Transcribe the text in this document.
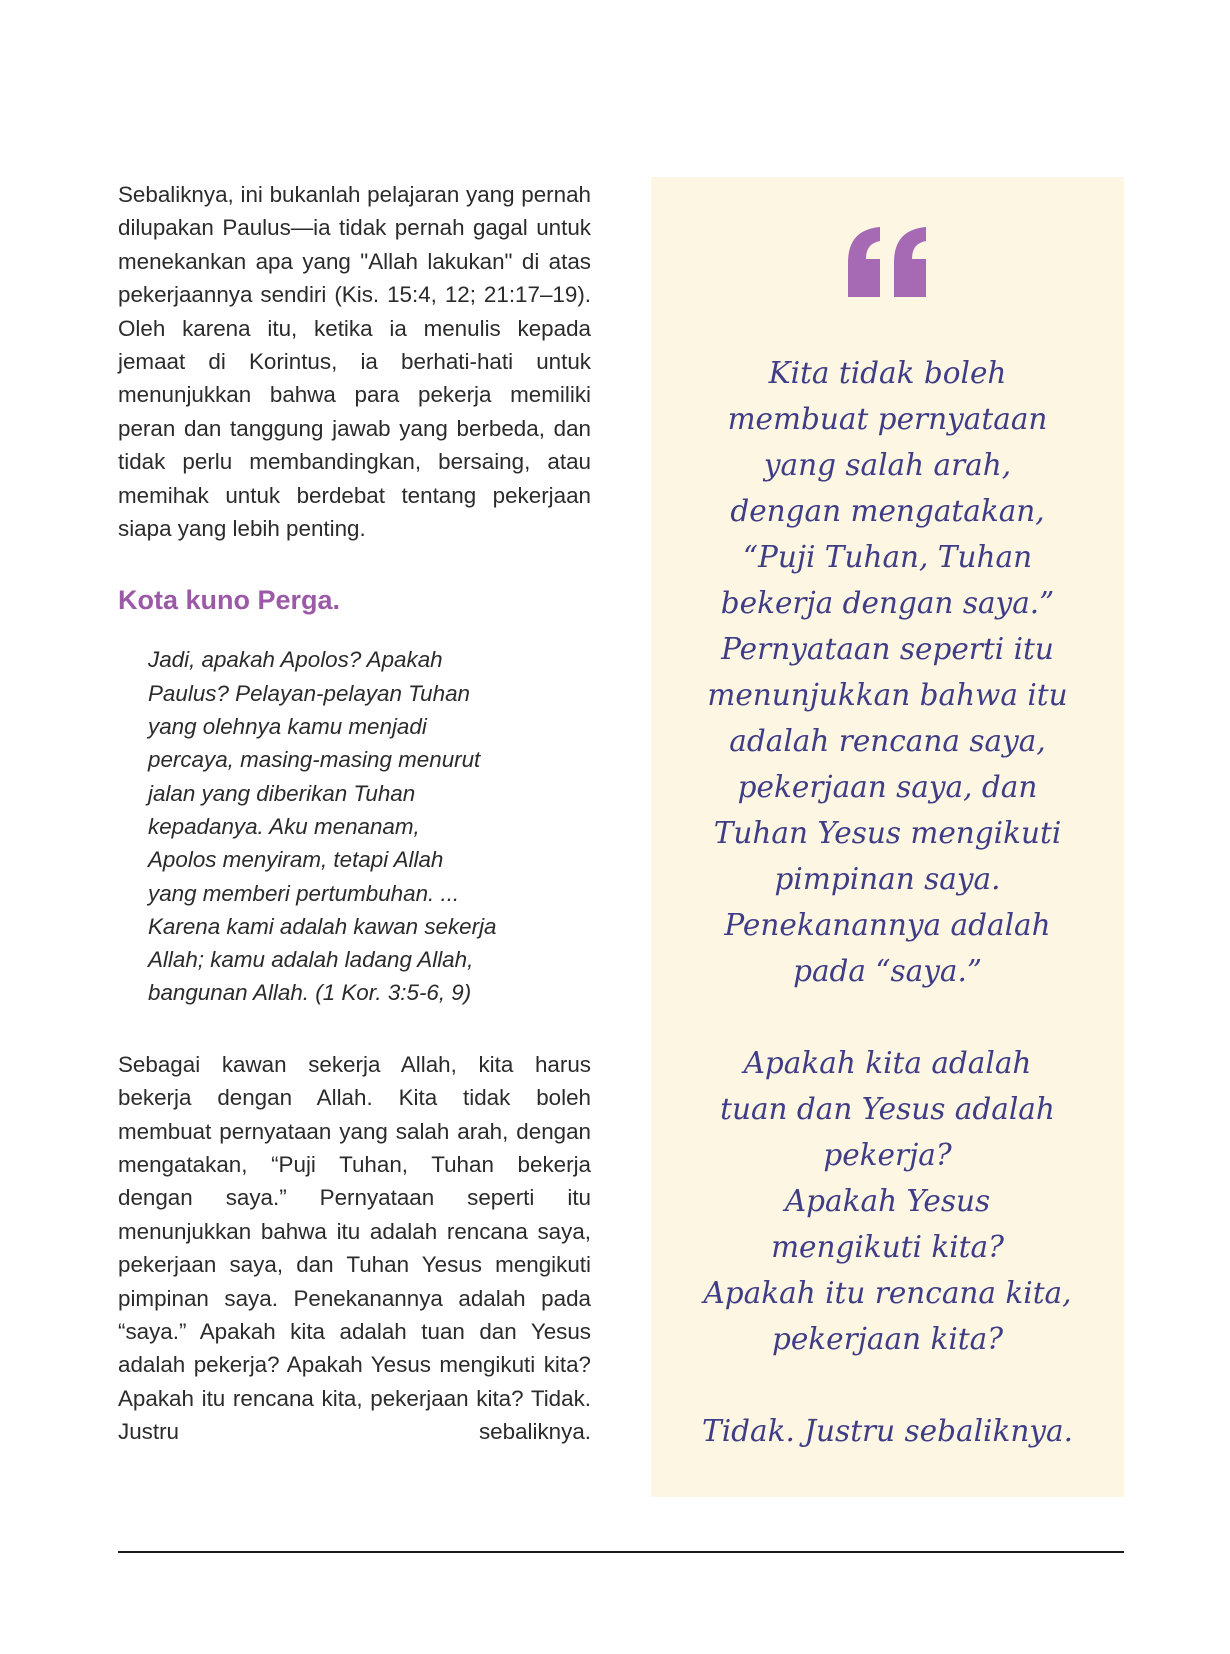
Sebaliknya, ini bukanlah pelajaran yang pernah dilupakan Paulus—ia tidak pernah gagal untuk menekankan apa yang "Allah lakukan" di atas pekerjaannya sendiri (Kis. 15:4, 12; 21:17–19). Oleh karena itu, ketika ia menulis kepada jemaat di Korintus, ia berhati-hati untuk menunjukkan bahwa para pekerja memiliki peran dan tanggung jawab yang berbeda, dan tidak perlu membandingkan, bersaing, atau memihak untuk berdebat tentang pekerjaan siapa yang lebih penting.

Kota kuno Perga.

Jadi, apakah Apolos? Apakah
Paulus? Pelayan-pelayan Tuhan
yang olehnya kamu menjadi
percaya, masing-masing menurut
jalan yang diberikan Tuhan
kepadanya. Aku menanam,
Apolos menyiram, tetapi Allah
yang memberi pertumbuhan. ...
Karena kami adalah kawan sekerja
Allah; kamu adalah ladang Allah,
bangunan Allah. (1 Kor. 3:5-6, 9)

Sebagai kawan sekerja Allah, kita harus bekerja dengan Allah. Kita tidak boleh membuat pernyataan yang salah arah, dengan mengatakan, “Puji Tuhan, Tuhan bekerja dengan saya.” Pernyataan seperti itu menunjukkan bahwa itu adalah rencana saya, pekerjaan saya, dan Tuhan Yesus mengikuti pimpinan saya. Penekanannya adalah pada “saya.” Apakah kita adalah tuan dan Yesus adalah pekerja? Apakah Yesus mengikuti kita? Apakah itu rencana kita, pekerjaan kita? Tidak. Justru sebaliknya.

Kita tidak boleh
membuat pernyataan
yang salah arah,
dengan mengatakan,
“Puji Tuhan, Tuhan
bekerja dengan saya.”
Pernyataan seperti itu
menunjukkan bahwa itu
adalah rencana saya,
pekerjaan saya, dan
Tuhan Yesus mengikuti
pimpinan saya.
Penekanannya adalah
pada “saya.”
Apakah kita adalah
tuan dan Yesus adalah
pekerja?
Apakah Yesus
mengikuti kita?
Apakah itu rencana kita,
pekerjaan kita?
Tidak. Justru sebaliknya.
